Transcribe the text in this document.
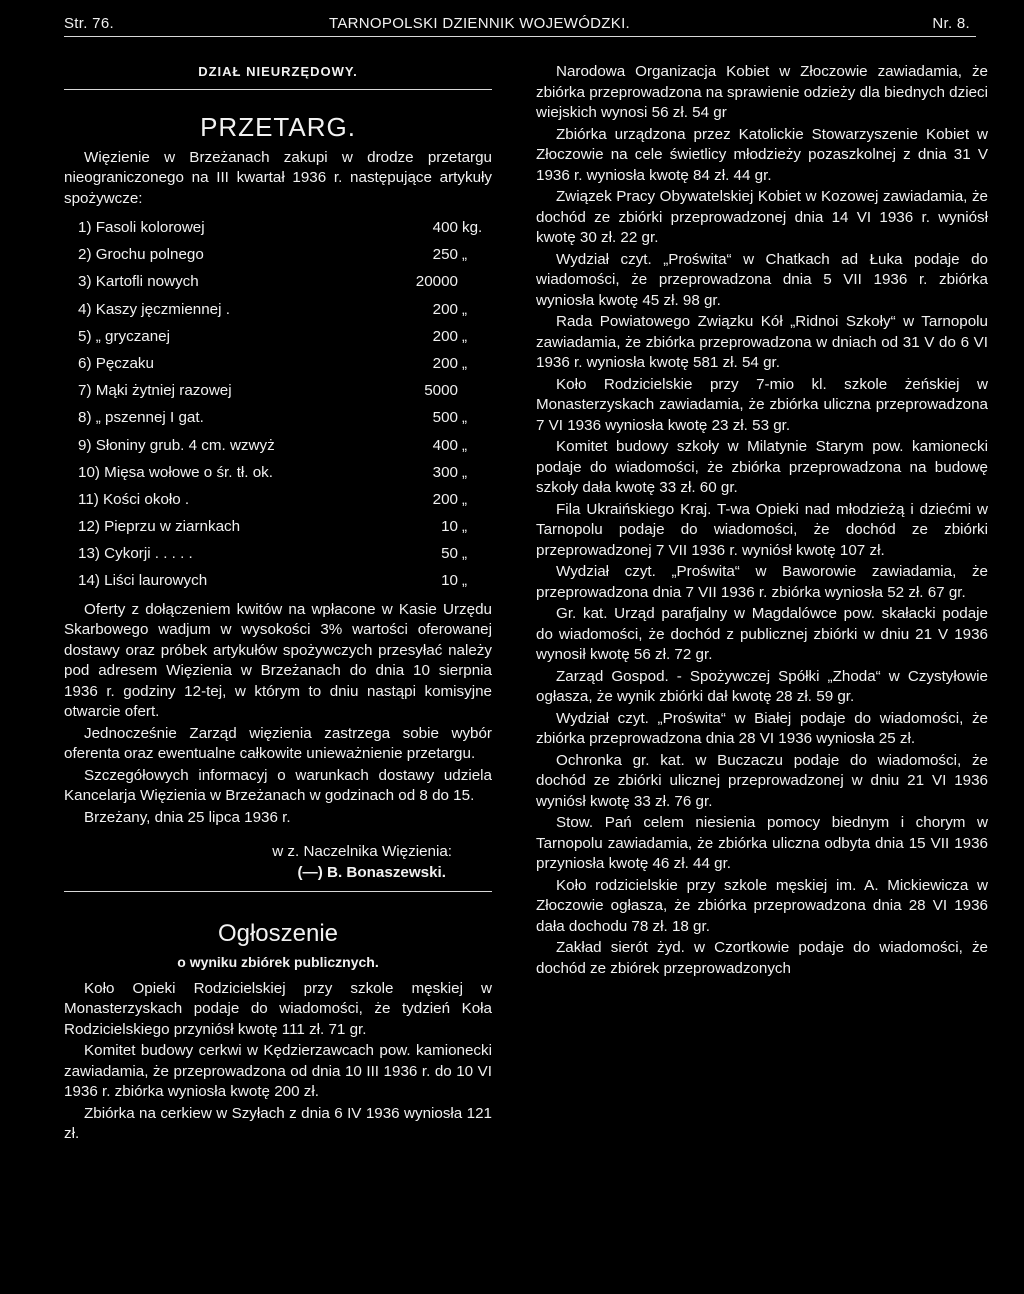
Str. 76.	TARNOPOLSKI DZIENNIK WOJEWÓDZKI.	Nr. 8.
DZIAŁ NIEURZĘDOWY.
PRZETARG.

Więzienie w Brzeżanach zakupi w drodze przetargu nieograniczonego na III kwartał 1936 r. następujące artykuły spożywcze:

1) Fasoli kolorowej	400 kg.
2) Grochu polnego	250 „
3) Kartofli nowych	20000
4) Kaszy jęczmiennej .	200 „
5) „ gryczanej	200 „
6) Pęczaku	200 „
7) Mąki żytniej razowej	5000
8) „ pszennej I gat.	500 „
9) Słoniny grub. 4 cm. wzwyż	400 „
10) Mięsa wołowe o śr. tł. ok.	300 „
11) Kości około .	200 „
12) Pieprzu w ziarnkach	10 „
13) Cykorji . . . . .	50 „
14) Liści laurowych	10 „

Oferty z dołączeniem kwitów na wpłacone w Kasie Urzędu Skarbowego wadjum w wysokości 3% wartości oferowanej dostawy oraz próbek artykułów spożywczych przesyłać należy pod adresem Więzienia w Brzeżanach do dnia 10 sierpnia 1936 r. godziny 12-tej, w którym to dniu nastąpi komisyjne otwarcie ofert.

Jednocześnie Zarząd więzienia zastrzega sobie wybór oferenta oraz ewentualne całkowite unieważnienie przetargu.

Szczegółowych informacyj o warunkach dostawy udziela Kancelarja Więzienia w Brzeżanach w godzinach od 8 do 15.

Brzeżany, dnia 25 lipca 1936 r.

w z. Naczelnika Więzienia:
(—) B. Bonaszewski.
Ogłoszenie
o wyniku zbiórek publicznych.

Koło Opieki Rodzicielskiej przy szkole męskiej w Monasterzyskach podaje do wiadomości, że tydzień Koła Rodzicielskiego przyniósł kwotę 111 zł. 71 gr.

Komitet budowy cerkwi w Kędzierzawcach pow. kamionecki zawiadamia, że przeprowadzona od dnia 10 III 1936 r. do 10 VI 1936 r. zbiórka wyniosła kwotę 200 zł.

Zbiórka na cerkiew w Szyłach z dnia 6 IV 1936 wyniosła 121 zł.

Narodowa Organizacja Kobiet w Złoczowie zawiadamia, że zbiórka przeprowadzona na sprawienie odzieży dla biednych dzieci wiejskich wynosi 56 zł. 54 gr

Zbiórka urządzona przez Katolickie Stowarzyszenie Kobiet w Złoczowie na cele świetlicy młodzieży pozaszkolnej z dnia 31 V 1936 r. wyniosła kwotę 84 zł. 44 gr.

Związek Pracy Obywatelskiej Kobiet w Kozowej zawiadamia, że dochód ze zbiórki przeprowadzonej dnia 14 VI 1936 r. wyniósł kwotę 30 zł. 22 gr.

Wydział czyt. „Proświta“ w Chatkach ad Łuka podaje do wiadomości, że przeprowadzona dnia 5 VII 1936 r. zbiórka wyniosła kwotę 45 zł. 98 gr.

Rada Powiatowego Związku Kół „Ridnoi Szkoły“ w Tarnopolu zawiadamia, że zbiórka przeprowadzona w dniach od 31 V do 6 VI 1936 r. wyniosła kwotę 581 zł. 54 gr.

Koło Rodzicielskie przy 7-mio kl. szkole żeńskiej w Monasterzyskach zawiadamia, że zbiórka uliczna przeprowadzona 7 VI 1936 wyniosła kwotę 23 zł. 53 gr.

Komitet budowy szkoły w Milatynie Starym pow. kamionecki podaje do wiadomości, że zbiórka przeprowadzona na budowę szkoły dała kwotę 33 zł. 60 gr.

Fila Ukraińskiego Kraj. T-wa Opieki nad młodzieżą i dziećmi w Tarnopolu podaje do wiadomości, że dochód ze zbiórki przeprowadzonej 7 VII 1936 r. wyniósł kwotę 107 zł.

Wydział czyt. „Proświta“ w Baworowie zawiadamia, że przeprowadzona dnia 7 VII 1936 r. zbiórka wyniosła 52 zł. 67 gr.

Gr. kat. Urząd parafjalny w Magdalówce pow. skałacki podaje do wiadomości, że dochód z publicznej zbiórki w dniu 21 V 1936 wynosił kwotę 56 zł. 72 gr.

Zarząd Gospod. - Spożywczej Spółki „Zhoda“ w Czystyłowie ogłasza, że wynik zbiórki dał kwotę 28 zł. 59 gr.

Wydział czyt. „Proświta“ w Białej podaje do wiadomości, że zbiórka przeprowadzona dnia 28 VI 1936 wyniosła 25 zł.

Ochronka gr. kat. w Buczaczu podaje do wiadomości, że dochód ze zbiórki ulicznej przeprowadzonej w dniu 21 VI 1936 wyniósł kwotę 33 zł. 76 gr.

Stow. Pań celem niesienia pomocy biednym i chorym w Tarnopolu zawiadamia, że zbiórka uliczna odbyta dnia 15 VII 1936 przyniosła kwotę 46 zł. 44 gr.

Koło rodzicielskie przy szkole męskiej im. A. Mickiewicza w Złoczowie ogłasza, że zbiórka przeprowadzona dnia 28 VI 1936 dała dochodu 78 zł. 18 gr.

Zakład sierót żyd. w Czortkowie podaje do wiadomości, że dochód ze zbiórek przeprowadzonych
